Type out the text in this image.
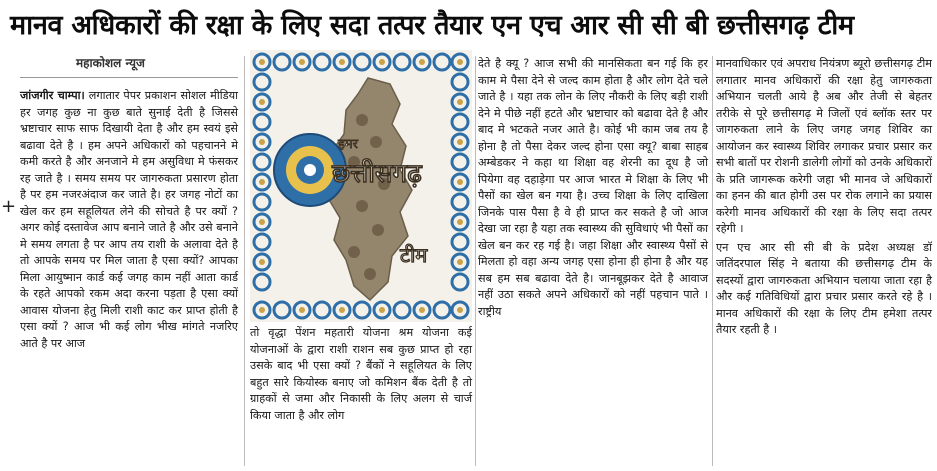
मानव अधिकारों की रक्षा के लिए सदा तत्पर तैयार एन एच आर सी सी बी छत्तीसगढ़ टीम
महाकोशल न्यूज
+

जांजगीर चाम्पा। लगातार पेपर प्रकाशन सोशल मीडिया हर जगह कुछ ना कुछ बाते सुनाई देती है जिससे भ्रष्टाचार साफ साफ दिखायी देता है और हम स्वयं इसे बढावा देते है । हम अपने अधिकारों को पहचानने मे कमी करते है और अनजाने मे हम असुविधा मे फंसकर रह जाते है । समय समय पर जागरुकता प्रसारण होता है पर हम नजरअंदाज कर जाते है। हर जगह नोटों का खेल कर हम सहूलियत लेने की सोचते है पर क्यों ? अगर कोई दस्तावेज आप बनाने जाते है और उसे बनाने मे समय लगता है पर आप तय राशी के अलावा देते है तो आपके समय पर मिल जाता है एसा क्यों? आपका मिला आयुष्मान कार्ड कई जगह काम नहीं आता कार्ड के रहते आपको रकम अदा करना पड़ता है एसा क्यों आवास योजना हेतु मिली राशी काट कर प्राप्त होती है एसा क्यों ? आज भी कई लोग भीख मांगते नजरिए आते है पर आज

हमर
छत्तीसगढ़
टीम

तो वृद्धा पेंशन महतारी योजना श्रम योजना कई योजनाओं के द्वारा राशी राशन सब कुछ प्राप्त हो रहा उसके बाद भी एसा क्यों ? बैंकों ने सहूलियत के लिए बहुत सारे कियोस्क बनाए जो कमिशन बैंक देती है तो ग्राहकों से जमा और निकासी के लिए अलग से चार्ज किया जाता है और लोग

देते है क्यू ? आज सभी की मानसिकता बन गई कि हर काम मे पैसा देने से जल्द काम होता है और लोग देते चले जाते है । यहा तक लोन के लिए नौकरी के लिए बड़ी राशी देने मे पीछे नहीं हटते और भ्रष्टाचार को बढावा देते है और बाद मे भटकते नजर आते है। कोई भी काम जब तय है होना है तो पैसा देकर जल्द होना एसा क्यू? बाबा साहब अम्बेडकर ने कहा था शिक्षा वह शेरनी का दूध है जो पियेगा वह दहाड़ेगा पर आज भारत मे शिक्षा के लिए भी पैसों का खेल बन गया है। उच्च शिक्षा के लिए दाखिला जिनके पास पैसा है वे ही प्राप्त कर सकते है जो आज देखा जा रहा है यहा तक स्वास्थ्य की सुविधाएं भी पैसों का खेल बन कर रह गई है। जहा शिक्षा और स्वास्थ्य पैसों से मिलता हो वहा अन्य जगह एसा होना ही होना है और यह सब हम सब बढावा देते है। जानबूझकर देते है आवाज नहीं उठा सकते अपने अधिकारों को नहीं पहचान पाते । राष्ट्रीय

मानवाधिकार एवं अपराध नियंत्रण ब्यूरो छत्तीसगढ़ टीम लगातार मानव अधिकारों की रक्षा हेतु जागरुकता अभियान चलती आये है अब और तेजी से बेहतर तरीके से पूरे छत्तीसगढ़ मे जिलों एवं ब्लॉक स्तर पर जागरुकता लाने के लिए जगह जगह शिविर का आयोजन कर स्वास्थ्य शिविर लगाकर प्रचार प्रसार कर सभी बातों पर रोशनी डालेगी लोगों को उनके अधिकारों के प्रति जागरूक करेगी जहा भी मानव जे अधिकारों का हनन की बात होगी उस पर रोक लगाने का प्रयास करेगी मानव अधिकारों की रक्षा के लिए सदा तत्पर रहेगी ।

एन एच आर सी सी बी के प्रदेश अध्यक्ष डॉ जतिंदरपाल सिंह ने बताया की छत्तीसगढ़ टीम के सदस्यों द्वारा जागरुकता अभियान चलाया जाता रहा है और कई गतिविधियों द्वारा प्रचार प्रसार करते रहे है । मानव अधिकारों की रक्षा के लिए टीम हमेशा तत्पर तैयार रहती है ।
